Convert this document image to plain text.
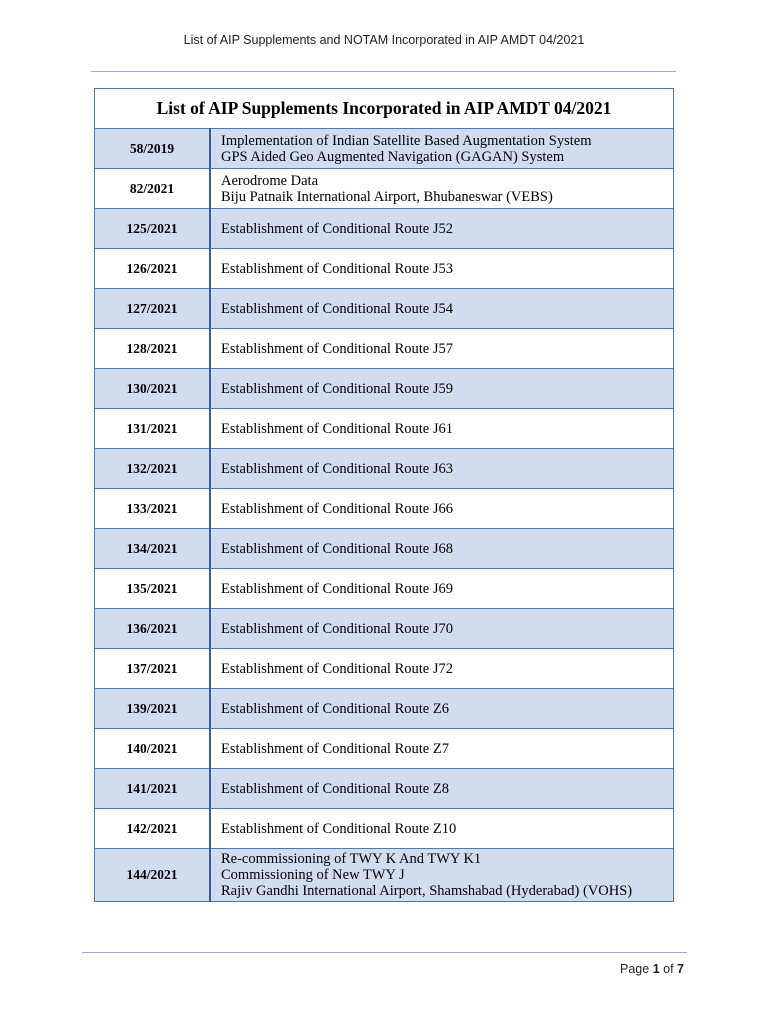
List of AIP Supplements and NOTAM Incorporated in AIP AMDT 04/2021
List of AIP Supplements Incorporated in AIP AMDT 04/2021	
58/2019	Implementation of Indian Satellite Based Augmentation System
GPS Aided Geo Augmented Navigation (GAGAN) System

82/2021	Aerodrome Data
Biju Patnaik International Airport, Bhubaneswar (VEBS)

125/2021	Establishment of Conditional Route J52

126/2021	Establishment of Conditional Route J53

127/2021	Establishment of Conditional Route J54

128/2021	Establishment of Conditional Route J57

130/2021	Establishment of Conditional Route J59

131/2021	Establishment of Conditional Route J61

132/2021	Establishment of Conditional Route J63

133/2021	Establishment of Conditional Route J66

134/2021	Establishment of Conditional Route J68

135/2021	Establishment of Conditional Route J69

136/2021	Establishment of Conditional Route J70

137/2021	Establishment of Conditional Route J72

139/2021	Establishment of Conditional Route Z6

140/2021	Establishment of Conditional Route Z7

141/2021	Establishment of Conditional Route Z8

142/2021	Establishment of Conditional Route Z10

144/2021	Re-commissioning of TWY K And TWY K1
Commissioning of New TWY J
Rajiv Gandhi International Airport, Shamshabad (Hyderabad) (VOHS)
Page 1 of 7
